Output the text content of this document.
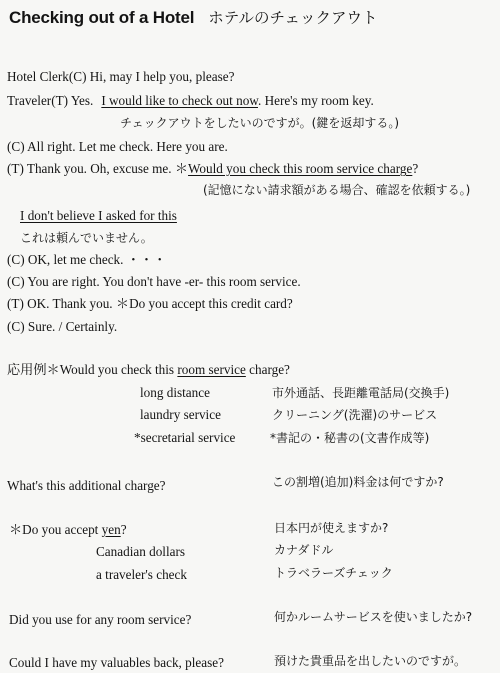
Checking out of a Hotel ホテルのチェックアウト
Hotel Clerk(C) Hi, may I help you, please?
Traveler(T) Yes. I would like to check out now. Here's my room key.
チェックアウトをしたいのですが。(鍵を返却する。)
(C) All right. Let me check. Here you are.
(T) Thank you. Oh, excuse me. ＊Would you check this room service charge?
(記憶にない請求額がある場合、確認を依頼する。)
I don't believe I asked for this
これは頼んでいません。
(C) OK, let me check. ・・・
(C) You are right. You don't have -er- this room service.
(T) OK. Thank you. ＊Do you accept this credit card?
(C) Sure. / Certainly.
応用例＊Would you check this room service charge?
long distance	市外通話、長距離電話局(交換手)
laundry service	クリーニング(洗濯)のサービス
*secretarial service	*書記の・秘書の(文書作成等)
What's this additional charge?	この割増(追加)料金は何ですか?
＊Do you accept yen?	日本円が使えますか?
Canadian dollars	カナダドル
a traveler's check	トラベラーズチェック
Did you use for any room service?	何かルームサービスを使いましたか?
Could I have my valuables back, please?	預けた貴重品を出したいのですが。
